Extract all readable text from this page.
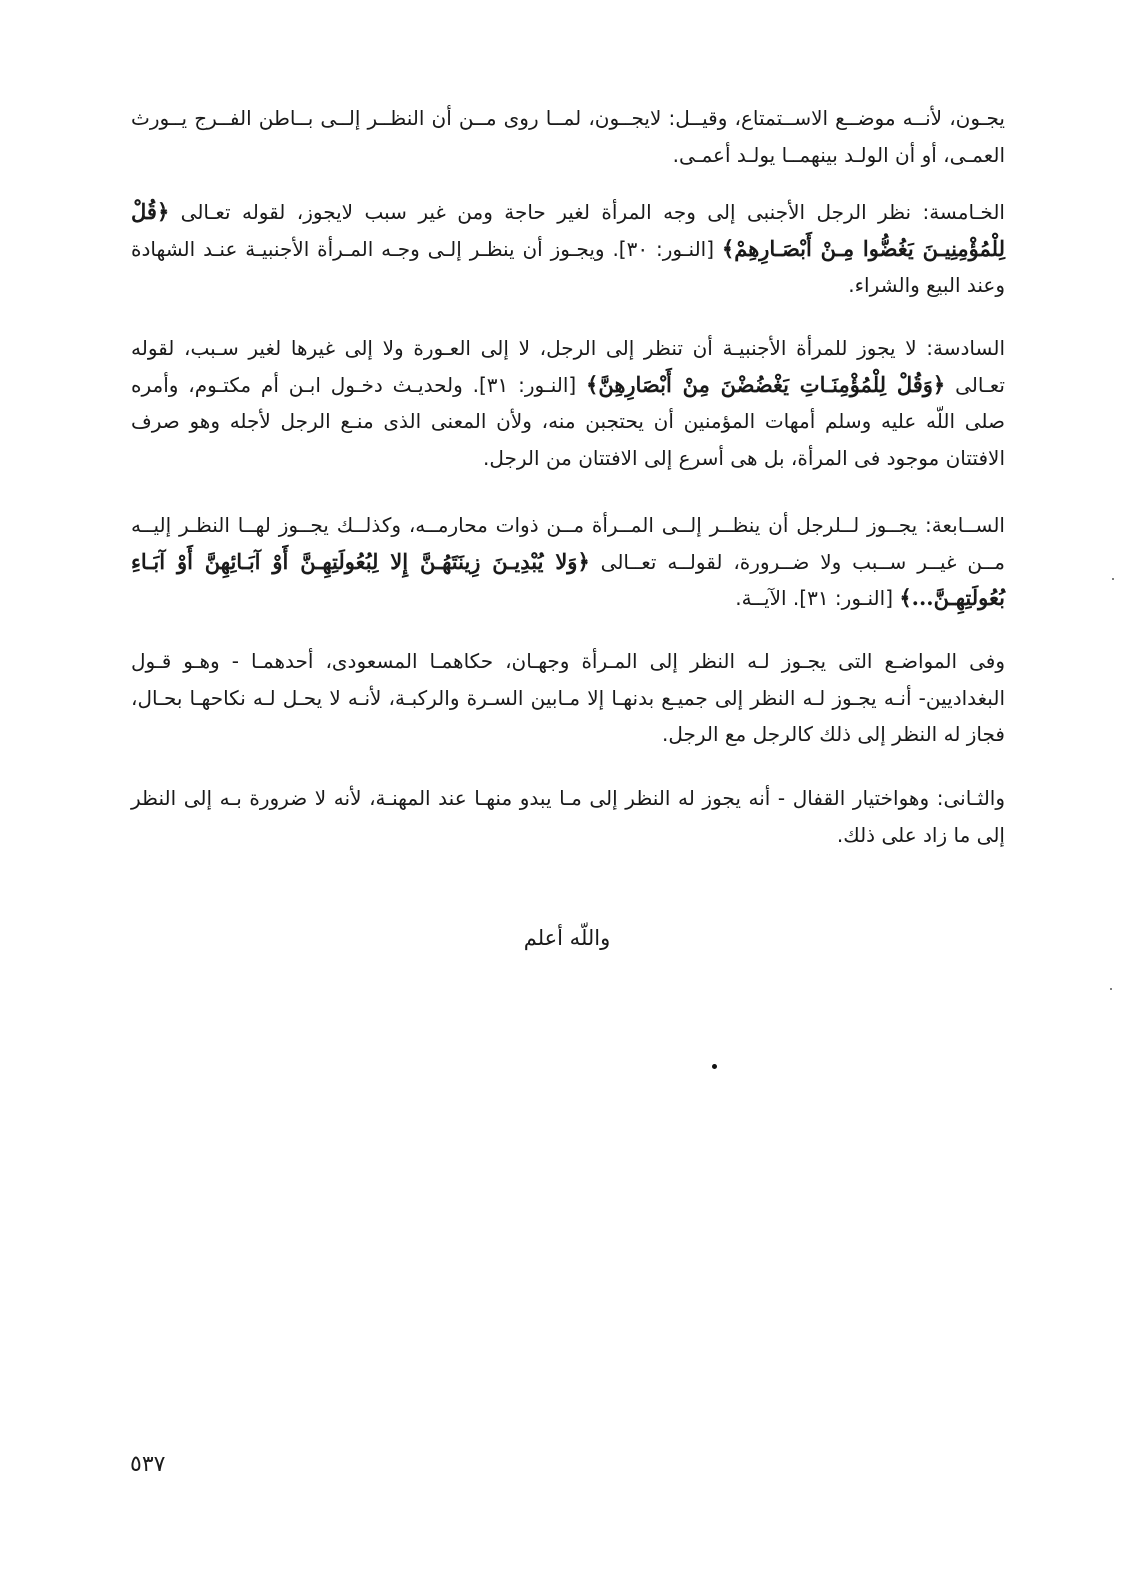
يجـون، لأنــه موضــع الاســتمتاع، وقيــل: لايجــون، لمــا روى مــن أن النظــر إلــى بــاطن الفــرج يــورث العمـى، أو أن الولـد بينهمــا يولـد أعمـى.

الخـامسة: نظر الرجل الأجنبى إلى وجه المرأة لغير حاجة ومن غير سبب لايجوز، لقوله تعـالى ﴿قُلْ لِلْمُؤْمِنِيـنَ يَغُضُّوا مِـنْ أَبْصَـارِهِمْ﴾ [النـور: ٣٠]. ويجـوز أن ينظـر إلـى وجـه المـرأة الأجنبيـة عنـد الشهادة وعند البيع والشراء.

السادسة: لا يجوز للمرأة الأجنبيـة أن تنظر إلى الرجل، لا إلى العـورة ولا إلى غيرها لغير سـبب، لقوله تعـالى ﴿وَقُلْ لِلْمُؤْمِنَـاتِ يَغْضُضْنَ مِنْ أَبْصَارِهِنَّ﴾ [النـور: ٣١]. ولحديـث دخـول ابـن أم مكتـوم، وأمره صلى اللّه عليه وسلم أمهات المؤمنين أن يحتجبن منه، ولأن المعنى الذى منـع الرجل لأجله وهو صرف الافتتان موجود فى المرأة، بل هى أسرع إلى الافتتان من الرجل.

الســابعة: يجــوز لــلرجل أن ينظــر إلــى المــرأة مــن ذوات محارمــه، وكذلــك يجــوز لهــا النظـر إليــه مــن غيــر ســبب ولا ضــرورة، لقولــه تعــالى ﴿وَلا يُبْدِيـنَ زِينَتَهُـنَّ إِلا لِبُعُولَتِهِـنَّ أَوْ آبَـائِهِنَّ أَوْ آبَـاءِ بُعُولَتِهِـنَّ...﴾ [النـور: ٣١]. الآيــة.

وفى المواضـع التى يجـوز لـه النظر إلى المـرأة وجهـان، حكاهمـا المسعودى، أحدهمـا - وهـو قـول البغداديين- أنـه يجـوز لـه النظر إلى جميـع بدنهـا إلا مـابين السـرة والركبـة، لأنـه لا يحـل لـه نكاحهـا بحـال، فجاز له النظر إلى ذلك كالرجل مع الرجل.

والثـانى: وهواختيار القفال - أنه يجوز له النظر إلى مـا يبدو منهـا عند المهنـة، لأنه لا ضرورة بـه إلى النظر إلى ما زاد على ذلك.

واللّه أعلم
٥٣٧
